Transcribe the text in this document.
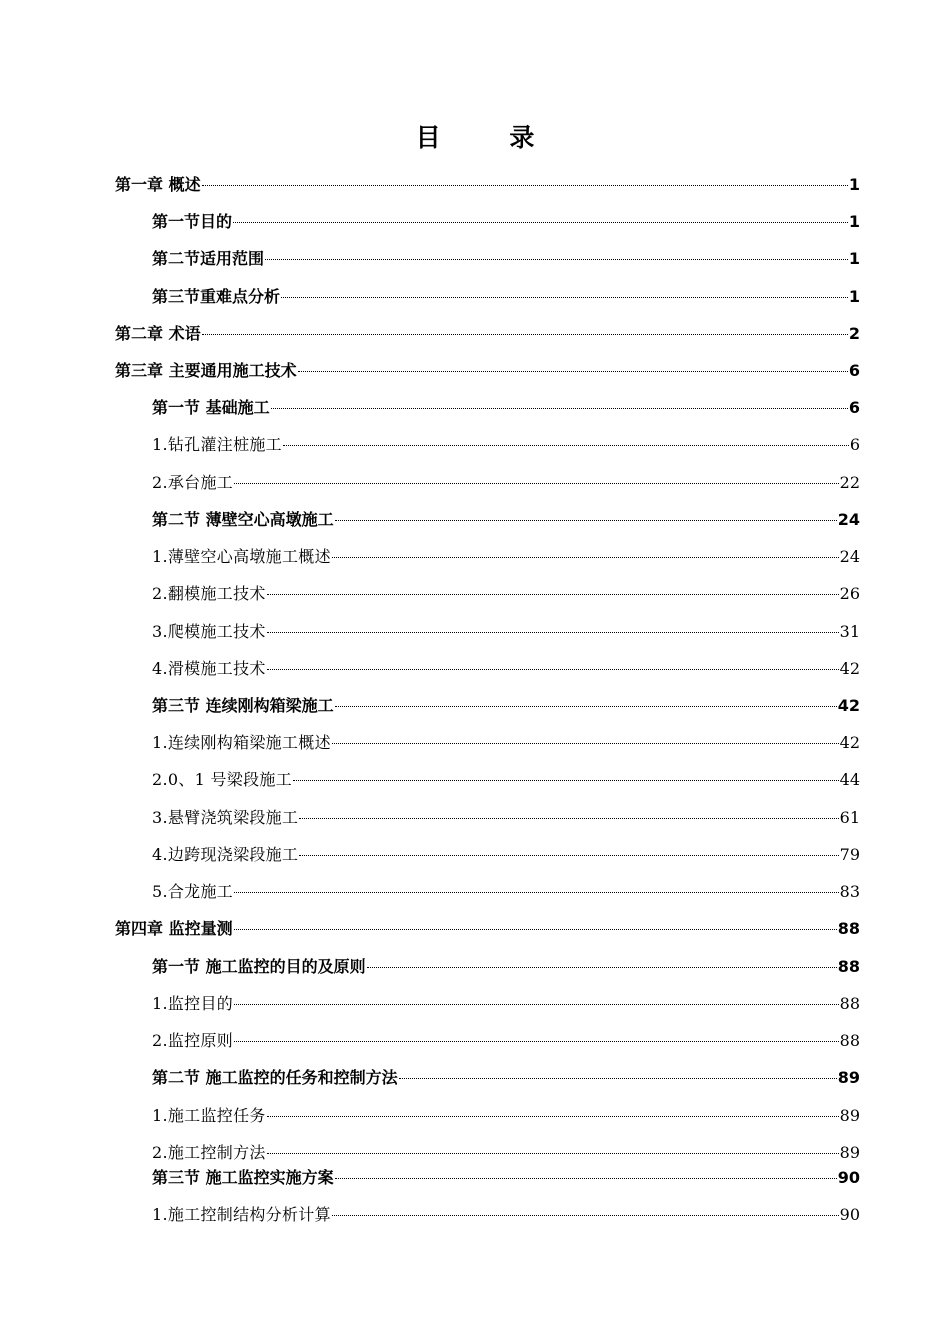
目 录
第一章 概述	1
第一节目的	1
第二节适用范围	1
第三节重难点分析	1
第二章 术语	2
第三章 主要通用施工技术	6
第一节 基础施工	6
1.钻孔灌注桩施工	6
2.承台施工	22
第二节 薄壁空心高墩施工	24
1.薄壁空心高墩施工概述	24
2.翻模施工技术	26
3.爬模施工技术	31
4.滑模施工技术	42
第三节 连续刚构箱梁施工	42
1.连续刚构箱梁施工概述	42
2.0、1 号梁段施工	44
3.悬臂浇筑梁段施工	61
4.边跨现浇梁段施工	79
5.合龙施工	83
第四章 监控量测	88
第一节 施工监控的目的及原则	88
1.监控目的	88
2.监控原则	88
第二节 施工监控的任务和控制方法	89
1.施工监控任务	89
2.施工控制方法	89
第三节 施工监控实施方案	90
1.施工控制结构分析计算	90
